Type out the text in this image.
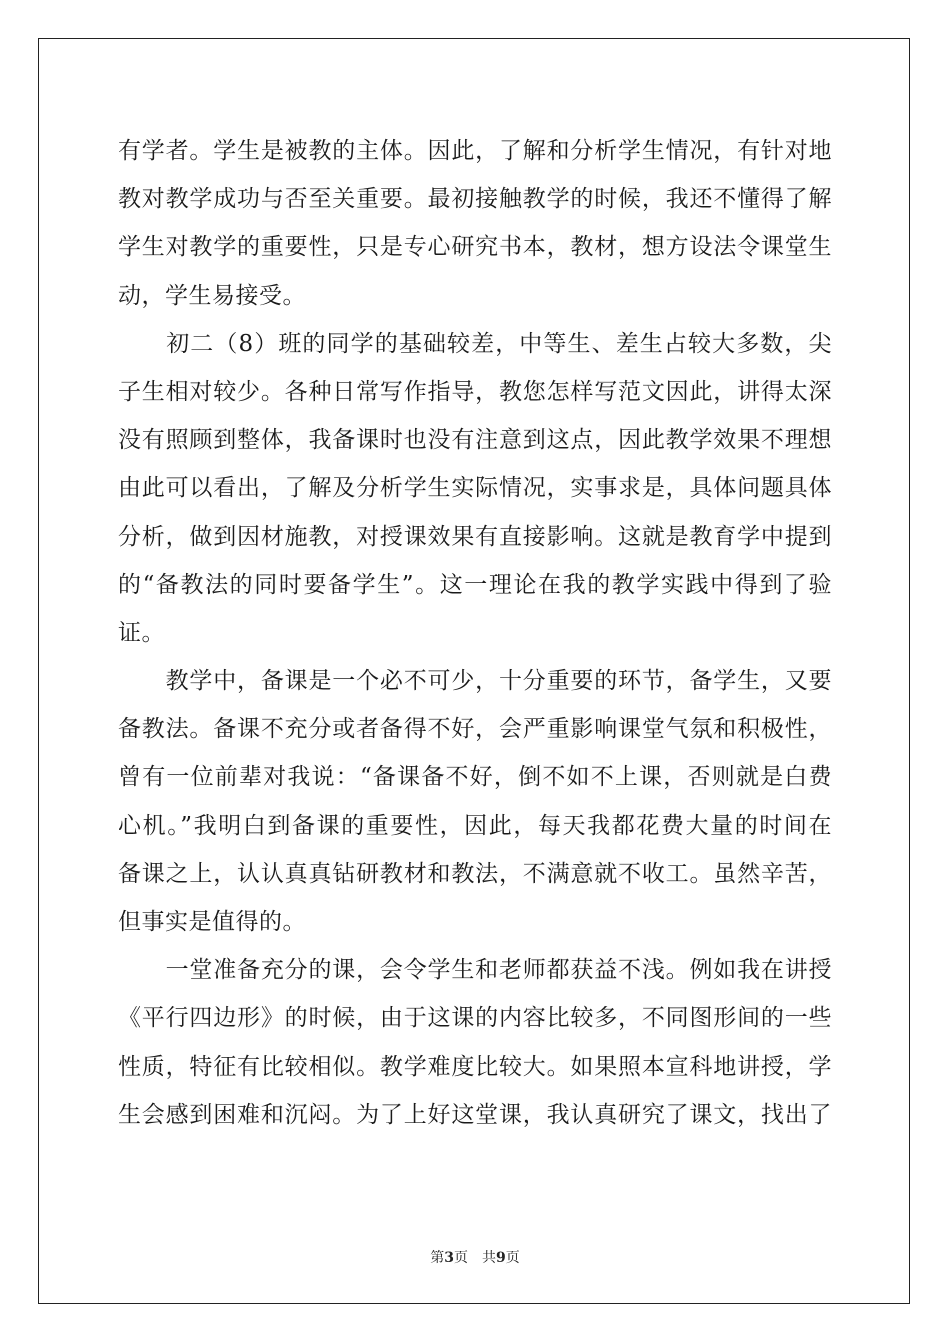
有学者。学生是被教的主体。因此，了解和分析学生情况，有针对地
教对教学成功与否至关重要。最初接触教学的时候，我还不懂得了解
学生对教学的重要性，只是专心研究书本，教材，想方设法令课堂生
动，学生易接受。
　　初二（8）班的同学的基础较差，中等生、差生占较大多数，尖
子生相对较少。各种日常写作指导，教您怎样写范文因此，讲得太深
没有照顾到整体，我备课时也没有注意到这点，因此教学效果不理想
由此可以看出，了解及分析学生实际情况，实事求是，具体问题具体
分析，做到因材施教，对授课效果有直接影响。这就是教育学中提到
的“备教法的同时要备学生”。这一理论在我的教学实践中得到了验
证。
　　教学中，备课是一个必不可少，十分重要的环节，备学生，又要
备教法。备课不充分或者备得不好，会严重影响课堂气氛和积极性，
曾有一位前辈对我说：“备课备不好，倒不如不上课，否则就是白费
心机。”我明白到备课的重要性，因此，每天我都花费大量的时间在
备课之上，认认真真钻研教材和教法，不满意就不收工。虽然辛苦，
但事实是值得的。
　　一堂准备充分的课，会令学生和老师都获益不浅。例如我在讲授
《平行四边形》的时候，由于这课的内容比较多，不同图形间的一些
性质，特征有比较相似。教学难度比较大。如果照本宣科地讲授，学
生会感到困难和沉闷。为了上好这堂课，我认真研究了课文，找出了
第3页　共9页
